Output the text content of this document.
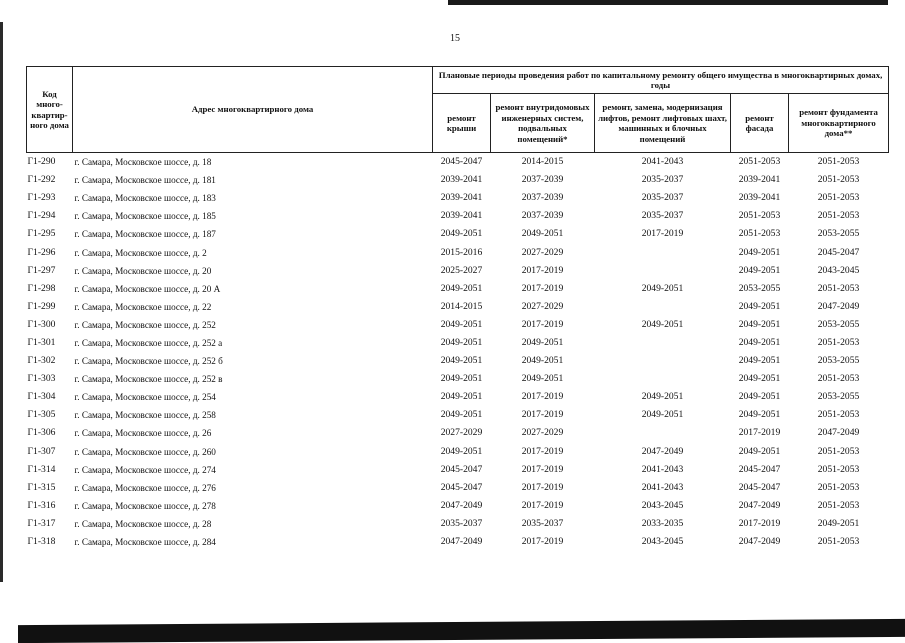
15
Код много-квартир-ного дома	Адрес многоквартирного дома	Плановые периоды проведения работ по капитальному ремонту общего имущества в многоквартирных домах, годы				
		ремонт крыши	ремонт внутридомовых инженерных систем, подвальных помещений*	ремонт, замена, модернизация лифтов, ремонт лифтовых шахт, машинных и блочных помещений	ремонт фасада	ремонт фундамента многоквартирного дома**
Г1-290	г. Самара, Московское шоссе, д. 18	2045-2047	2014-2015	2041-2043	2051-2053	2051-2053
Г1-292	г. Самара, Московское шоссе, д. 181	2039-2041	2037-2039	2035-2037	2039-2041	2051-2053
Г1-293	г. Самара, Московское шоссе, д. 183	2039-2041	2037-2039	2035-2037	2039-2041	2051-2053
Г1-294	г. Самара, Московское шоссе, д. 185	2039-2041	2037-2039	2035-2037	2051-2053	2051-2053
Г1-295	г. Самара, Московское шоссе, д. 187	2049-2051	2049-2051	2017-2019	2051-2053	2053-2055
Г1-296	г. Самара, Московское шоссе, д. 2	2015-2016	2027-2029		2049-2051	2045-2047
Г1-297	г. Самара, Московское шоссе, д. 20	2025-2027	2017-2019		2049-2051	2043-2045
Г1-298	г. Самара, Московское шоссе, д. 20 А	2049-2051	2017-2019	2049-2051	2053-2055	2051-2053
Г1-299	г. Самара, Московское шоссе, д. 22	2014-2015	2027-2029		2049-2051	2047-2049
Г1-300	г. Самара, Московское шоссе, д. 252	2049-2051	2017-2019	2049-2051	2049-2051	2053-2055
Г1-301	г. Самара, Московское шоссе, д. 252 а	2049-2051	2049-2051		2049-2051	2051-2053
Г1-302	г. Самара, Московское шоссе, д. 252 б	2049-2051	2049-2051		2049-2051	2053-2055
Г1-303	г. Самара, Московское шоссе, д. 252 в	2049-2051	2049-2051		2049-2051	2051-2053
Г1-304	г. Самара, Московское шоссе, д. 254	2049-2051	2017-2019	2049-2051	2049-2051	2053-2055
Г1-305	г. Самара, Московское шоссе, д. 258	2049-2051	2017-2019	2049-2051	2049-2051	2051-2053
Г1-306	г. Самара, Московское шоссе, д. 26	2027-2029	2027-2029		2017-2019	2047-2049
Г1-307	г. Самара, Московское шоссе, д. 260	2049-2051	2017-2019	2047-2049	2049-2051	2051-2053
Г1-314	г. Самара, Московское шоссе, д. 274	2045-2047	2017-2019	2041-2043	2045-2047	2051-2053
Г1-315	г. Самара, Московское шоссе, д. 276	2045-2047	2017-2019	2041-2043	2045-2047	2051-2053
Г1-316	г. Самара, Московское шоссе, д. 278	2047-2049	2017-2019	2043-2045	2047-2049	2051-2053
Г1-317	г. Самара, Московское шоссе, д. 28	2035-2037	2035-2037	2033-2035	2017-2019	2049-2051
Г1-318	г. Самара, Московское шоссе, д. 284	2047-2049	2017-2019	2043-2045	2047-2049	2051-2053
